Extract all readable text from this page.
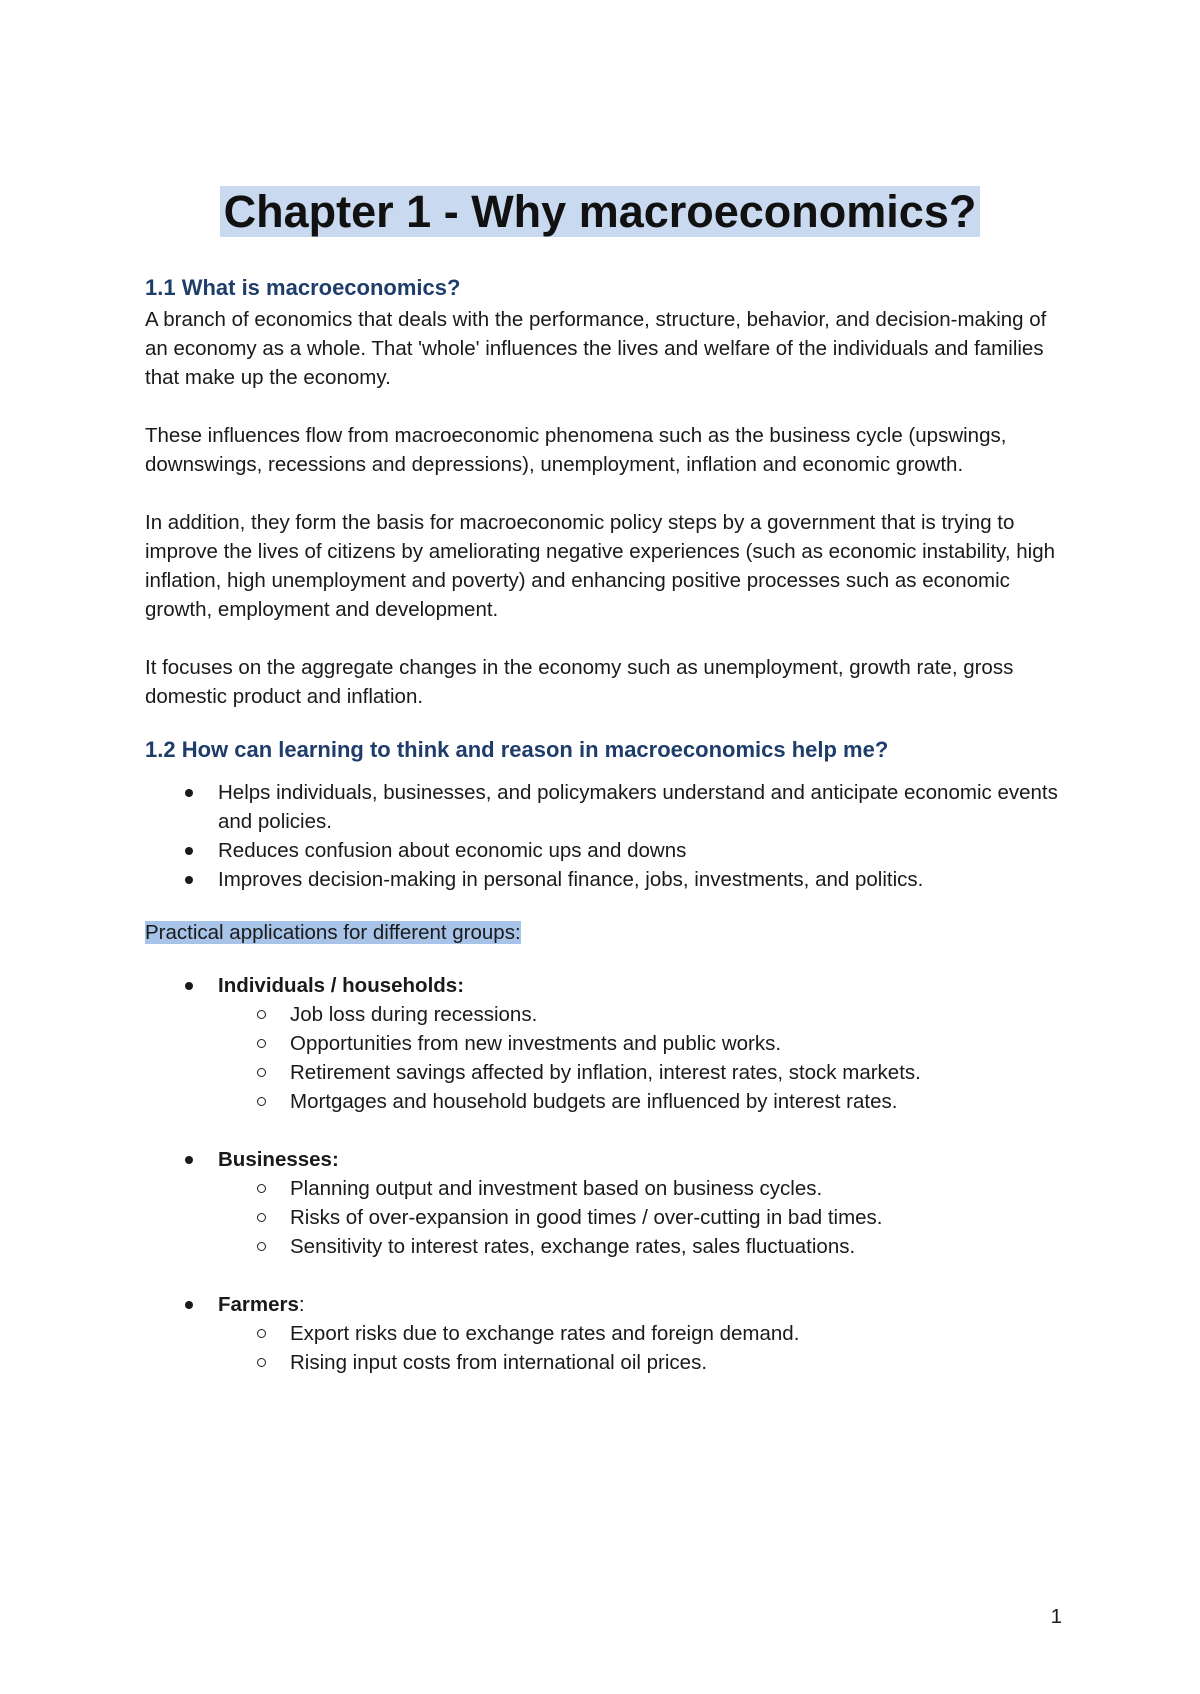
Chapter 1 - Why macroeconomics?
1.1 What is macroeconomics?

A branch of economics that deals with the performance, structure, behavior, and decision-making of an economy as a whole. That 'whole' influences the lives and welfare of the individuals and families that make up the economy.

These influences flow from macroeconomic phenomena such as the business cycle (upswings, downswings, recessions and depressions), unemployment, inflation and economic growth.

In addition, they form the basis for macroeconomic policy steps by a government that is trying to improve the lives of citizens by ameliorating negative experiences (such as economic instability, high inflation, high unemployment and poverty) and enhancing positive processes such as economic growth, employment and development.

It focuses on the aggregate changes in the economy such as unemployment, growth rate, gross domestic product and inflation.

1.2 How can learning to think and reason in macroeconomics help me?
Helps individuals, businesses, and policymakers understand and anticipate economic events and policies.
Reduces confusion about economic ups and downs
Improves decision-making in personal finance, jobs, investments, and politics.
Practical applications for different groups:
Individuals / households:
Job loss during recessions.
Opportunities from new investments and public works.
Retirement savings affected by inflation, interest rates, stock markets.
Mortgages and household budgets are influenced by interest rates.
Businesses:
Planning output and investment based on business cycles.
Risks of over-expansion in good times / over-cutting in bad times.
Sensitivity to interest rates, exchange rates, sales fluctuations.
Farmers:
Export risks due to exchange rates and foreign demand.
Rising input costs from international oil prices.
1
